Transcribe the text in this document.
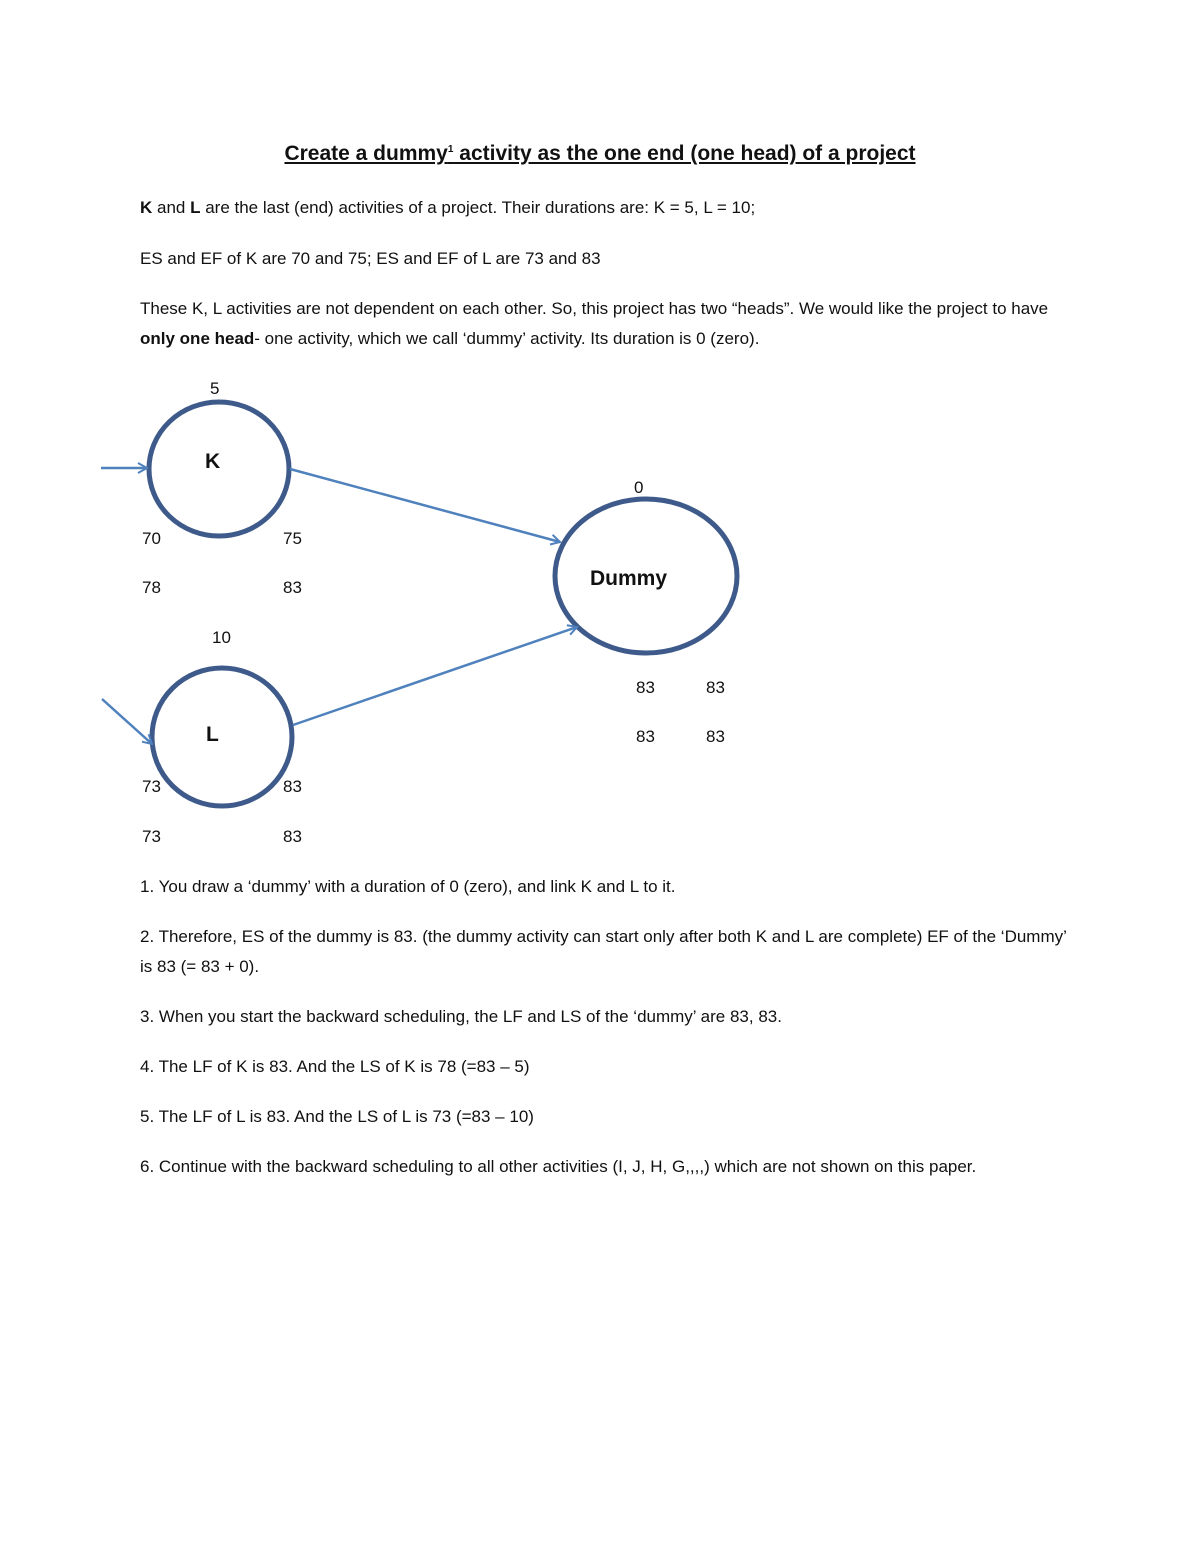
Create a dummy$^1$ activity as the one end (one head) of a project

K and L are the last (end) activities of a project. Their durations are: K = 5, L = 10;

ES and EF of K are 70 and 75; ES and EF of L are 73 and 83

These K, L activities are not dependent on each other. So, this project has two “heads”. We would like the project to have only one head- one activity, which we call ‘dummy’ activity. Its duration is 0 (zero).

5
K
70	75
78	83
10
L
73	83
73	83
0
Dummy
83	83
83	83

1. You draw a ‘dummy’ with a duration of 0 (zero), and link K and L to it.

2. Therefore, ES of the dummy is 83. (the dummy activity can start only after both K and L are complete) EF of the ‘Dummy’ is 83 (= 83 + 0).

3. When you start the backward scheduling, the LF and LS of the ‘dummy’ are 83, 83.

4. The LF of K is 83. And the LS of K is 78 (=83 – 5)

5. The LF of L is 83. And the LS of L is 73 (=83 – 10)

6. Continue with the backward scheduling to all other activities (I, J, H, G,,,,) which are not shown on this paper.
